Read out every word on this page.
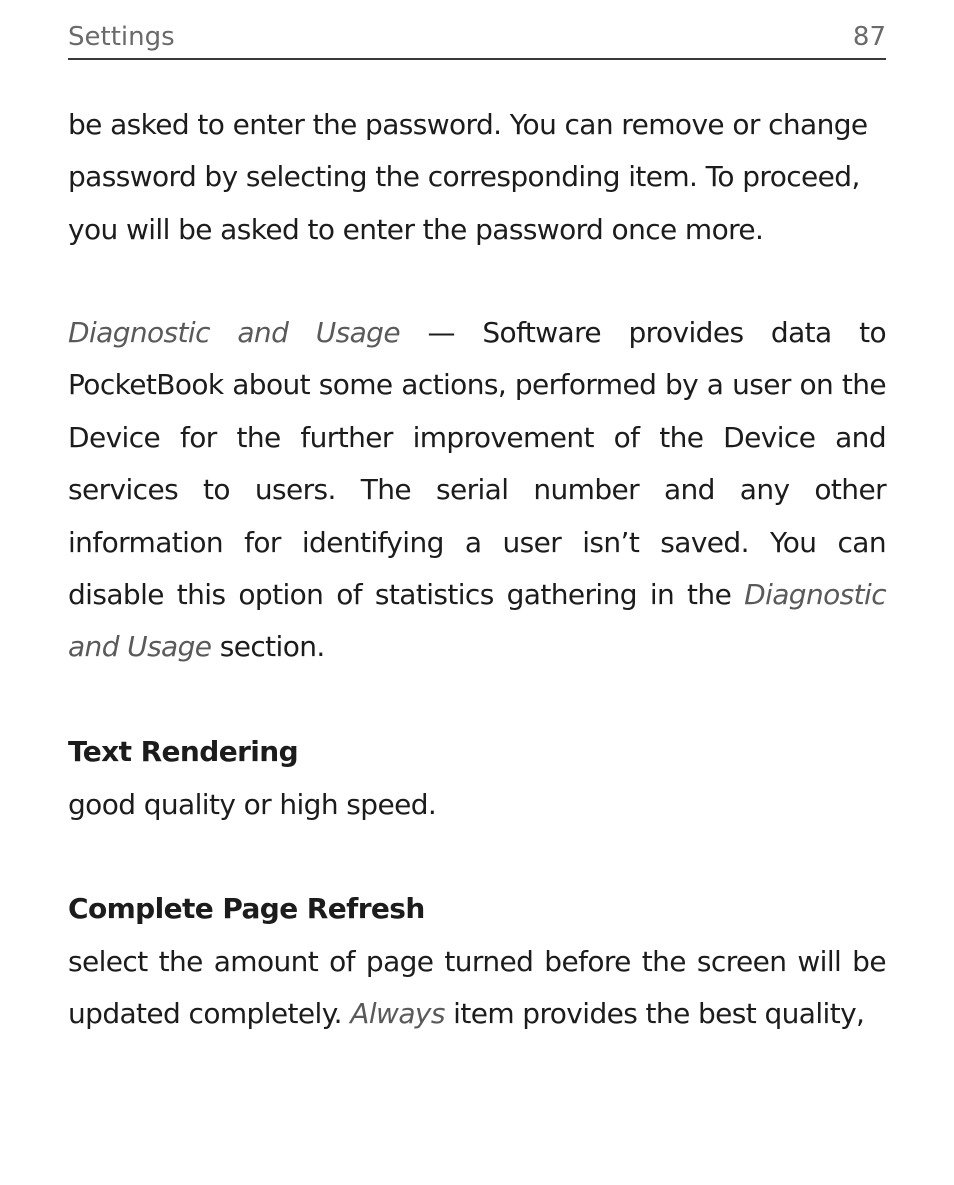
Settings	87

be asked to enter the password. You can remove or change password by selecting the corresponding item. To proceed, you will be asked to enter the password once more.

Diagnostic and Usage — Software provides data to PocketBook about some actions, performed by a user on the Device for the further improvement of the Device and services to users. The serial number and any other information for identifying a user isn’t saved. You can disable this option of statistics gathering in the Diagnostic and Usage section.

Text Rendering

good quality or high speed.

Complete Page Refresh

select the amount of page turned before the screen will be updated completely. Always item provides the best quality,
